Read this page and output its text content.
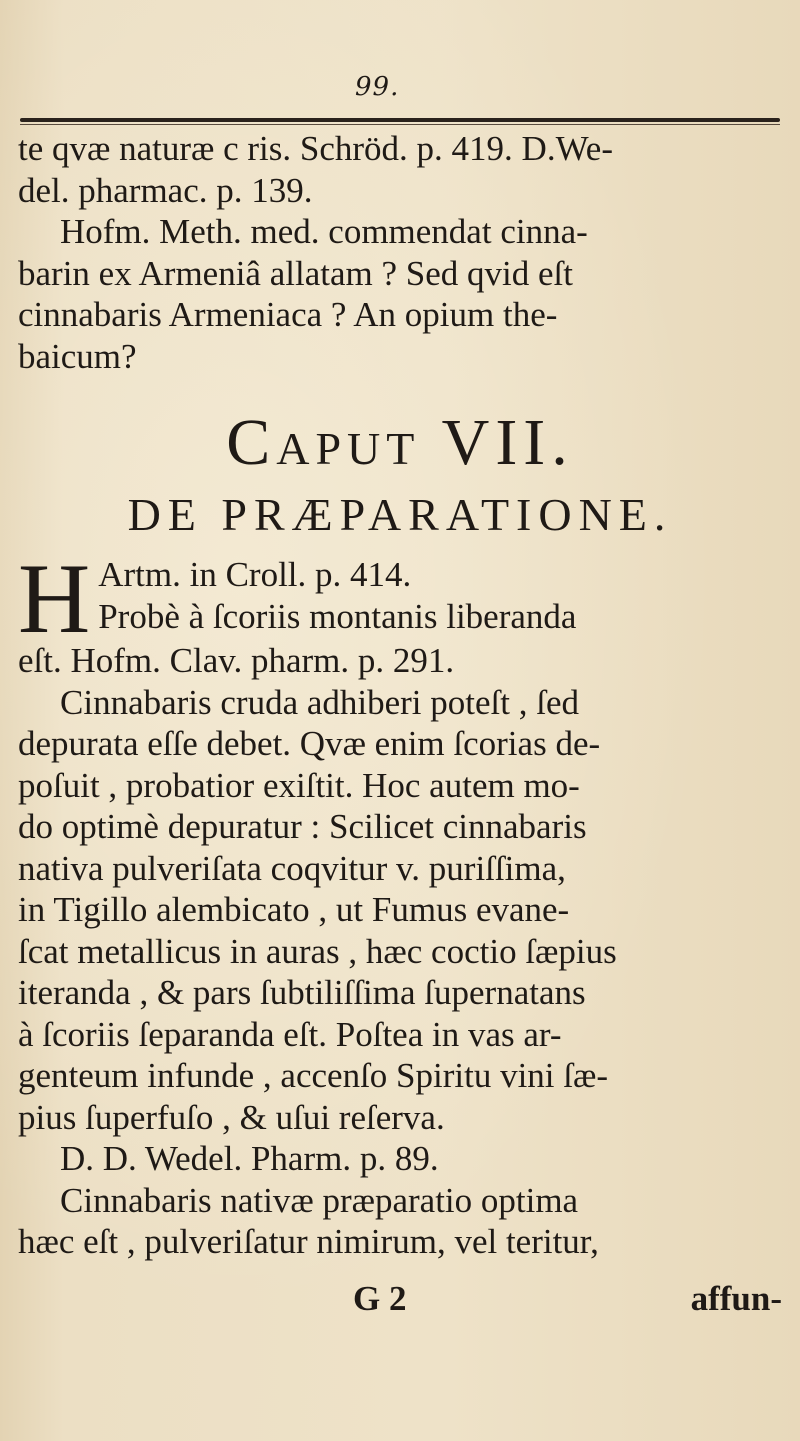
99.
te qvæ naturæ c ris. Schröd. p. 419. D.We-
del. pharmac. p. 139.
Hofm. Meth. med. commendat cinna-
barin ex Armeniâ allatam ? Sed qvid eſt
cinnabaris Armeniaca ? An opium the-
baicum?
Caput VII.
DE PRÆPARATIONE.
H Artm. in Croll. p. 414.
Probè à ſcoriis montanis liberanda
eſt. Hofm. Clav. pharm. p. 291.
Cinnabaris cruda adhiberi poteſt , ſed
depurata eſſe debet. Qvæ enim ſcorias de-
poſuit , probatior exiſtit. Hoc autem mo-
do optimè depuratur : Scilicet cinnabaris
nativa pulveriſata coqvitur v. puriſſima,
in Tigillo alembicato , ut Fumus evane-
ſcat metallicus in auras , hæc coctio ſæpius
iteranda , & pars ſubtiliſſima ſupernatans
à ſcoriis ſeparanda eſt. Poſtea in vas ar-
genteum infunde , accenſo Spiritu vini ſæ-
pius ſuperfuſo , & uſui reſerva.
D. D. Wedel. Pharm. p. 89.
Cinnabaris nativæ præparatio optima
hæc eſt , pulveriſatur nimirum, vel teritur,
G 2	affun-
